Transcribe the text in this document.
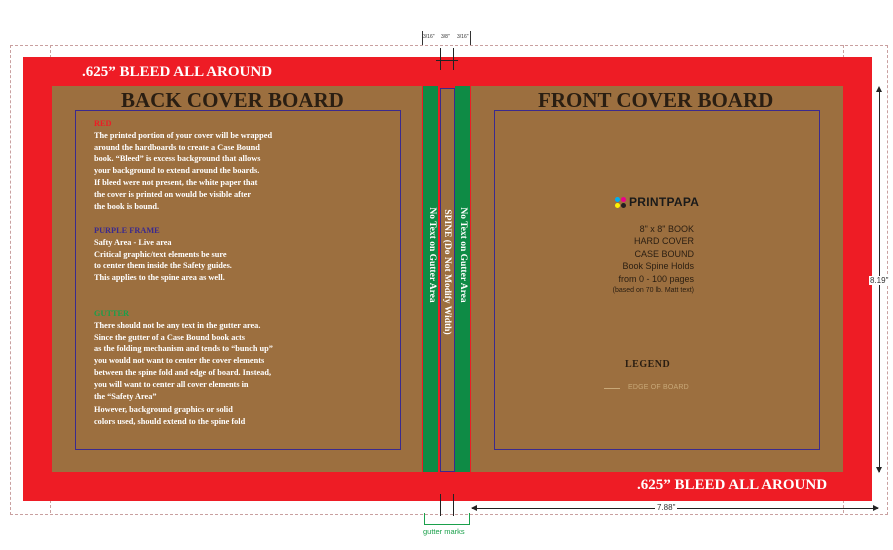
.625” BLEED ALL AROUND
.625” BLEED ALL AROUND
BACK COVER BOARD
RED
The printed portion of your cover will be wrapped
around the hardboards to create a Case Bound
book. “Bleed” is excess background that allows
your background to extend around the boards.
If bleed were not present, the white paper that
the cover is printed on would be visible after
the book is bound.
PURPLE FRAME
Safty Area - Live area
Critical graphic/text elements be sure
to center them inside the Safety guides.
This applies to the spine area as well.
GUTTER
There should not be any text in the gutter area.
Since the gutter of a Case Bound book acts
as the folding mechanism and tends to “bunch up”
you would not want to center the cover elements
between the spine fold and edge of board. Instead,
you will want to center all cover elements in
the “Safety Area”
However, background graphics or solid
colors used, should extend to the spine fold
No Text on Gutter Area SPINE (Do Not Modify Width) No Text on Gutter Area
FRONT COVER BOARD
PRINTPAPA
8" x 8" BOOK
HARD COVER
CASE BOUND
Book Spine Holds
from 0 - 100 pages
(based on 70 lb. Matt text)
LEGEND
EDGE OF BOARD
3/16" 3/8" 3/16"
gutter marks
7.88"
8.19"
